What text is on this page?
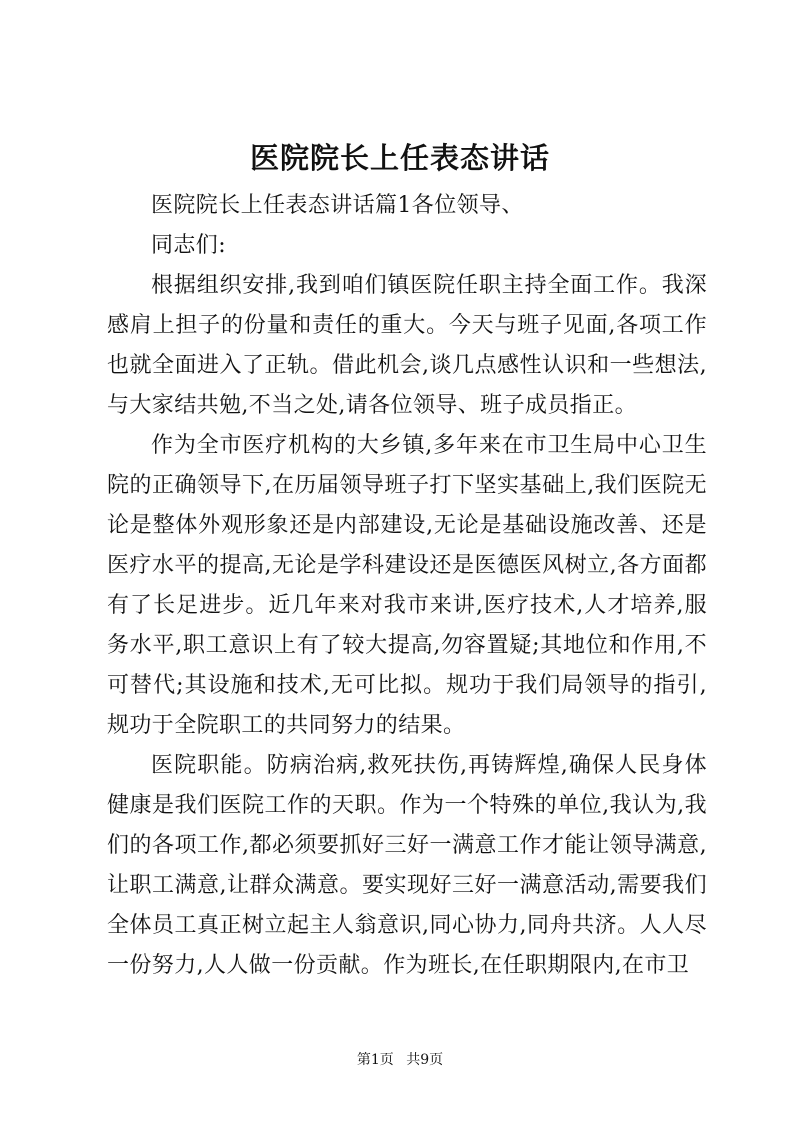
医院院长上任表态讲话

医院院长上任表态讲话篇1各位领导、

同志们:

根据组织安排,我到咱们镇医院任职主持全面工作。我深感肩上担子的份量和责任的重大。今天与班子见面,各项工作也就全面进入了正轨。借此机会,谈几点感性认识和一些想法,与大家结共勉,不当之处,请各位领导、班子成员指正。

作为全市医疗机构的大乡镇,多年来在市卫生局中心卫生院的正确领导下,在历届领导班子打下坚实基础上,我们医院无论是整体外观形象还是内部建设,无论是基础设施改善、还是医疗水平的提高,无论是学科建设还是医德医风树立,各方面都有了长足进步。近几年来对我市来讲,医疗技术,人才培养,服务水平,职工意识上有了较大提高,勿容置疑;其地位和作用,不可替代;其设施和技术,无可比拟。规功于我们局领导的指引,规功于全院职工的共同努力的结果。

医院职能。防病治病,救死扶伤,再铸辉煌,确保人民身体健康是我们医院工作的天职。作为一个特殊的单位,我认为,我们的各项工作,都必须要抓好三好一满意工作才能让领导满意,让职工满意,让群众满意。要实现好三好一满意活动,需要我们全体员工真正树立起主人翁意识,同心协力,同舟共济。人人尽一份努力,人人做一份贡献。作为班长,在任职期限内,在市卫

第1页 共9页
